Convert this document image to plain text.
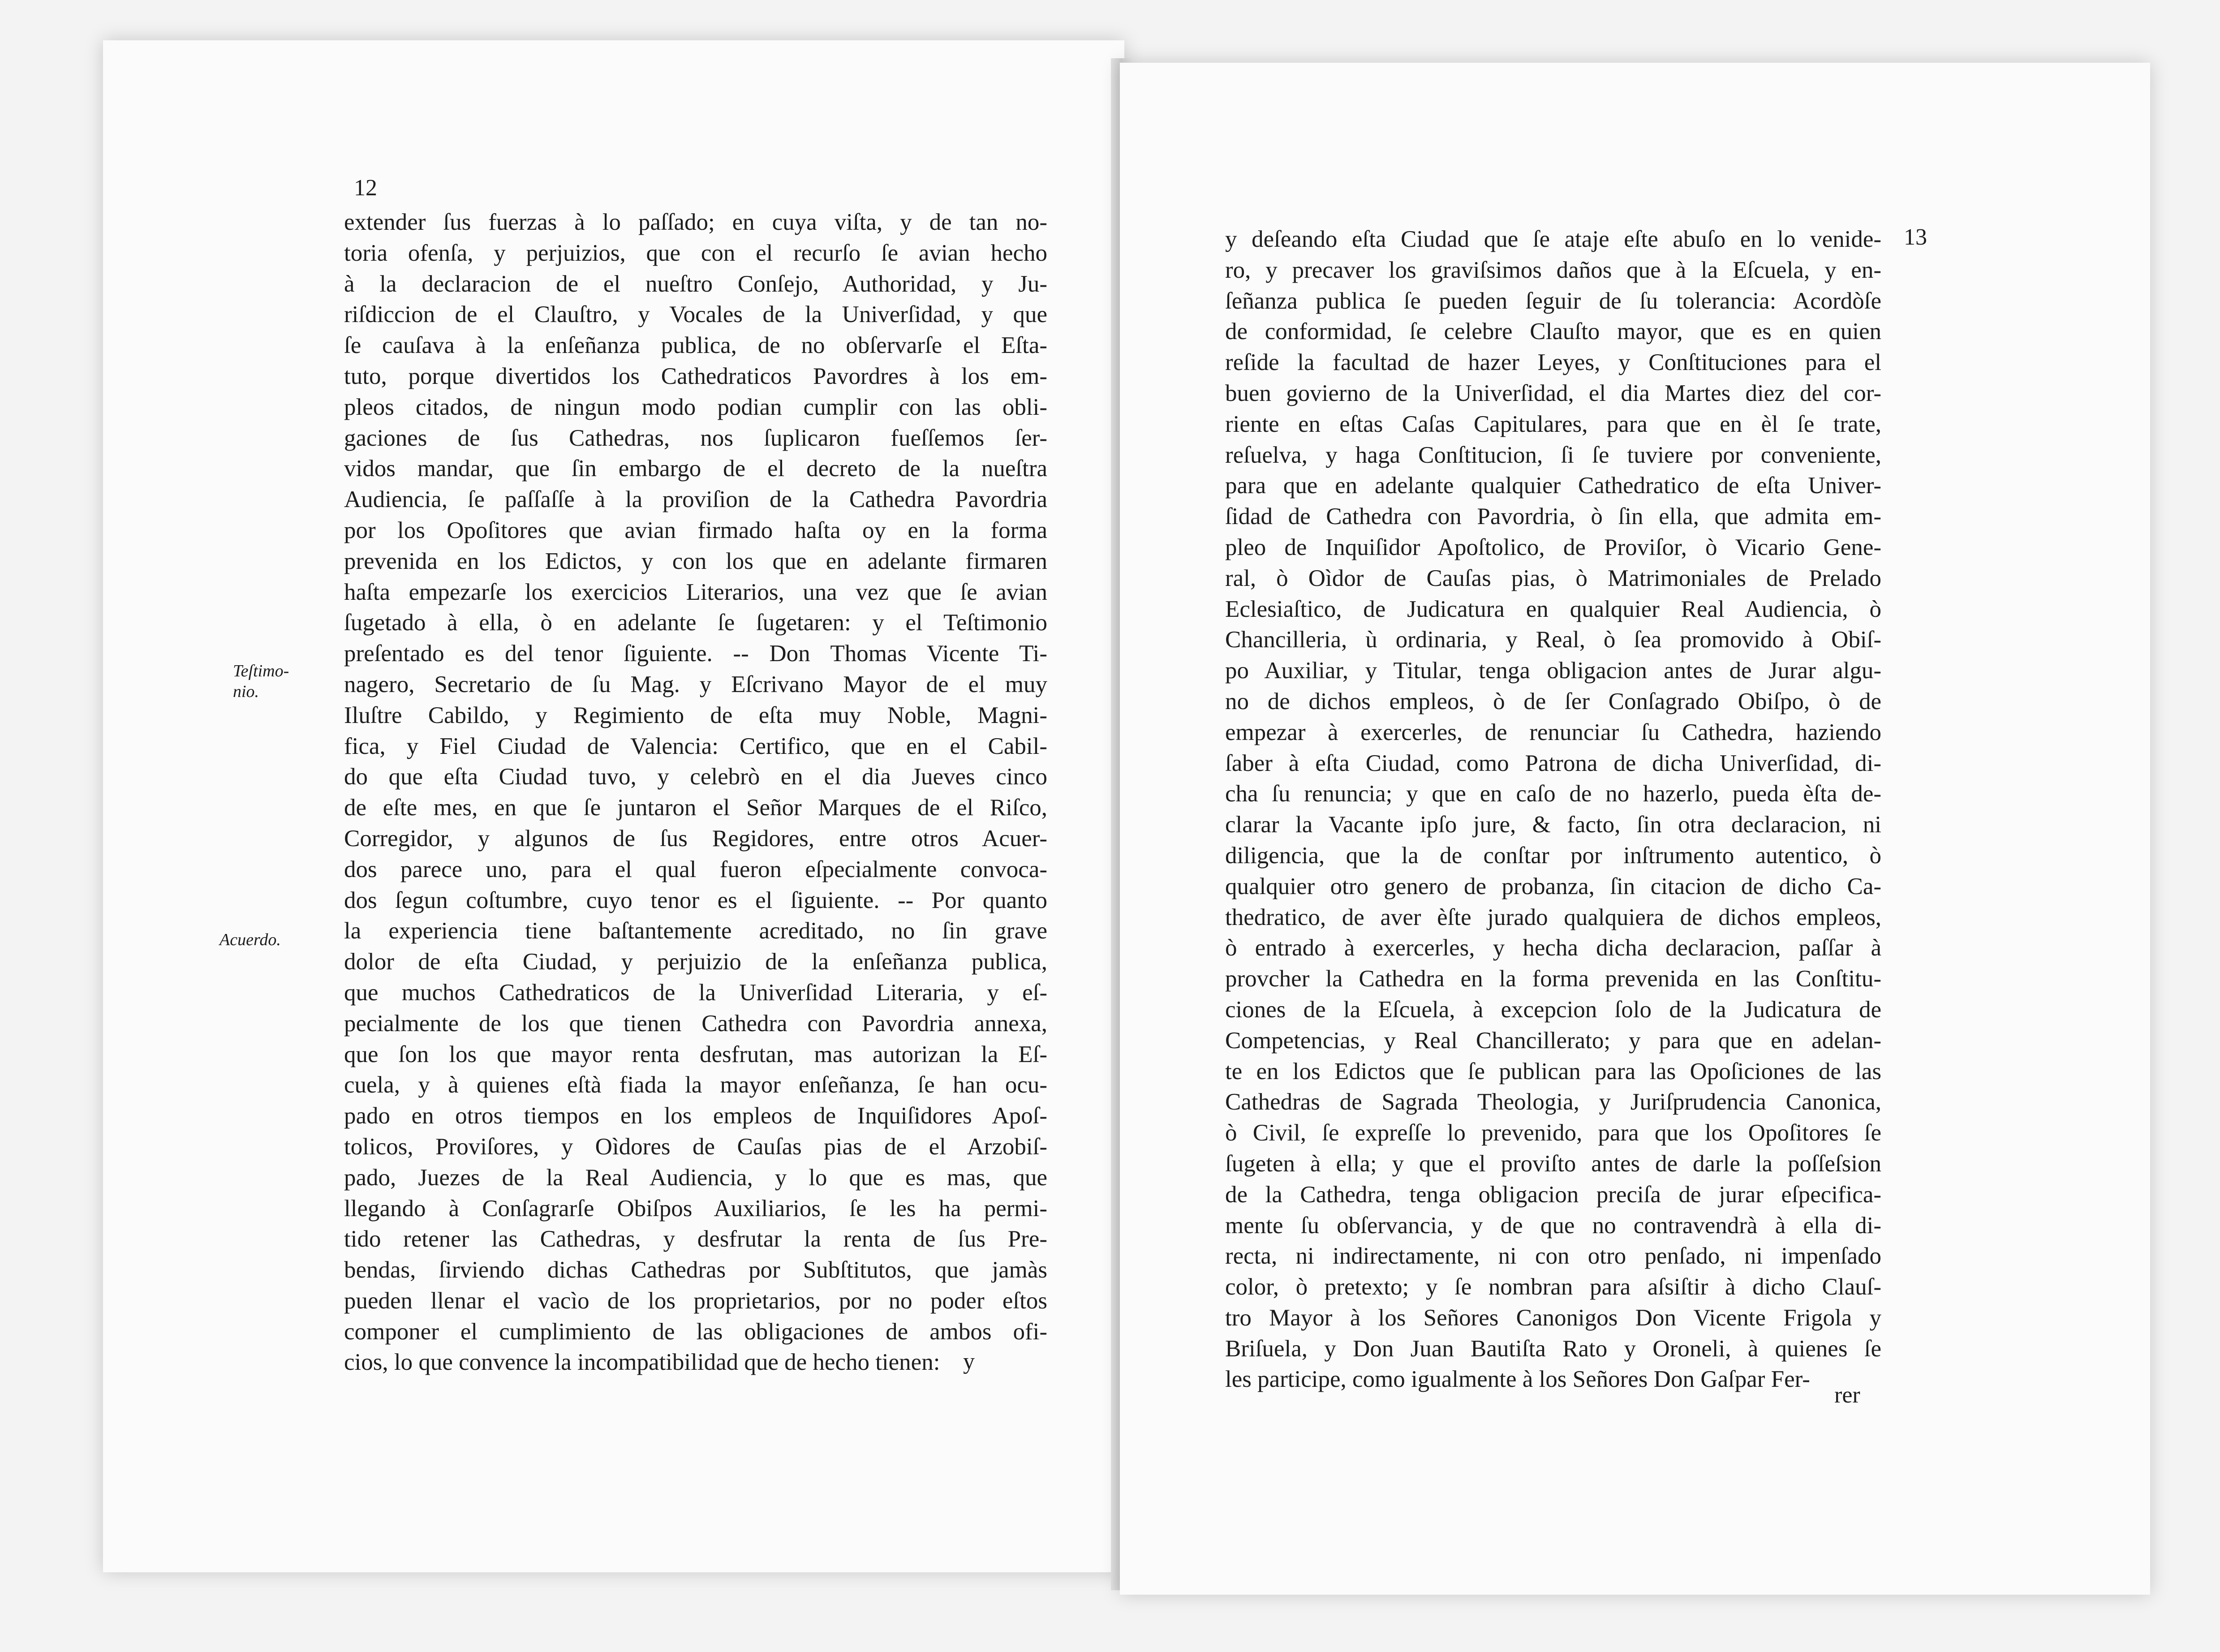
12
extender ſus fuerzas à lo paſſado; en cuya viſta, y de tan no-
toria ofenſa, y perjuizios, que con el recurſo ſe avian hecho
à la declaracion de el nueſtro Conſejo, Authoridad, y Ju-
riſdiccion de el Clauſtro, y Vocales de la Univerſidad, y que
ſe cauſava à la enſeñanza publica, de no obſervarſe el Eſta-
tuto, porque divertidos los Cathedraticos Pavordres à los em-
pleos citados, de ningun modo podian cumplir con las obli-
gaciones de ſus Cathedras, nos ſuplicaron fueſſemos ſer-
vidos mandar, que ſin embargo de el decreto de la nueſtra
Audiencia, ſe paſſaſſe à la proviſion de la Cathedra Pavordria
por los Opoſitores que avian firmado haſta oy en la forma
prevenida en los Edictos, y con los que en adelante firmaren
haſta empezarſe los exercicios Literarios, una vez que ſe avian
ſugetado à ella, ò en adelante ſe ſugetaren: y el Teſtimonio
preſentado es del tenor ſiguiente. -- Don Thomas Vicente Ti-
nagero, Secretario de ſu Mag. y Eſcrivano Mayor de el muy
Iluſtre Cabildo, y Regimiento de eſta muy Noble, Magni-
fica, y Fiel Ciudad de Valencia: Certifico, que en el Cabil-
do que eſta Ciudad tuvo, y celebrò en el dia Jueves cinco
de eſte mes, en que ſe juntaron el Señor Marques de el Riſco,
Corregidor, y algunos de ſus Regidores, entre otros Acuer-
dos parece uno, para el qual fueron eſpecialmente convoca-
dos ſegun coſtumbre, cuyo tenor es el ſiguiente. -- Por quanto
la experiencia tiene baſtantemente acreditado, no ſin grave
dolor de eſta Ciudad, y perjuizio de la enſeñanza publica,
que muchos Cathedraticos de la Univerſidad Literaria, y eſ-
pecialmente de los que tienen Cathedra con Pavordria annexa,
que ſon los que mayor renta desfrutan, mas autorizan la Eſ-
cuela, y à quienes eſtà fiada la mayor enſeñanza, ſe han ocu-
pado en otros tiempos en los empleos de Inquiſidores Apoſ-
tolicos, Proviſores, y Oìdores de Cauſas pias de el Arzobiſ-
pado, Juezes de la Real Audiencia, y lo que es mas, que
llegando à Conſagrarſe Obiſpos Auxiliarios, ſe les ha permi-
tido retener las Cathedras, y desfrutar la renta de ſus Pre-
bendas, ſirviendo dichas Cathedras por Subſtitutos, que jamàs
pueden llenar el vacìo de los proprietarios, por no poder eſtos
componer el cumplimiento de las obligaciones de ambos ofi-
cios, lo que convence la incompatibilidad que de hecho tienen:
Teſtimo-
nio.
Acuerdo.
y
13
y deſeando eſta Ciudad que ſe ataje eſte abuſo en lo venide-
ro, y precaver los graviſsimos daños que à la Eſcuela, y en-
ſeñanza publica ſe pueden ſeguir de ſu tolerancia: Acordòſe
de conformidad, ſe celebre Clauſto mayor, que es en quien
reſide la facultad de hazer Leyes, y Conſtituciones para el
buen govierno de la Univerſidad, el dia Martes diez del cor-
riente en eſtas Caſas Capitulares, para que en èl ſe trate,
reſuelva, y haga Conſtitucion, ſi ſe tuviere por conveniente,
para que en adelante qualquier Cathedratico de eſta Univer-
ſidad de Cathedra con Pavordria, ò ſin ella, que admita em-
pleo de Inquiſidor Apoſtolico, de Proviſor, ò Vicario Gene-
ral, ò Oìdor de Cauſas pias, ò Matrimoniales de Prelado
Eclesiaſtico, de Judicatura en qualquier Real Audiencia, ò
Chancilleria, ù ordinaria, y Real, ò ſea promovido à Obiſ-
po Auxiliar, y Titular, tenga obligacion antes de Jurar algu-
no de dichos empleos, ò de ſer Conſagrado Obiſpo, ò de
empezar à exercerles, de renunciar ſu Cathedra, haziendo
ſaber à eſta Ciudad, como Patrona de dicha Univerſidad, di-
cha ſu renuncia; y que en caſo de no hazerlo, pueda èſta de-
clarar la Vacante ipſo jure, & facto, ſin otra declaracion, ni
diligencia, que la de conſtar por inſtrumento autentico, ò
qualquier otro genero de probanza, ſin citacion de dicho Ca-
thedratico, de aver èſte jurado qualquiera de dichos empleos,
ò entrado à exercerles, y hecha dicha declaracion, paſſar à
provcher la Cathedra en la forma prevenida en las Conſtitu-
ciones de la Eſcuela, à excepcion ſolo de la Judicatura de
Competencias, y Real Chancillerato; y para que en adelan-
te en los Edictos que ſe publican para las Opoſiciones de las
Cathedras de Sagrada Theologia, y Juriſprudencia Canonica,
ò Civil, ſe expreſſe lo prevenido, para que los Opoſitores ſe
ſugeten à ella; y que el proviſto antes de darle la poſſeſsion
de la Cathedra, tenga obligacion preciſa de jurar eſpecifica-
mente ſu obſervancia, y de que no contravendrà à ella di-
recta, ni indirectamente, ni con otro penſado, ni impenſado
color, ò pretexto; y ſe nombran para aſsiſtir à dicho Clauſ-
tro Mayor à los Señores Canonigos Don Vicente Frigola y
Briſuela, y Don Juan Bautiſta Rato y Oroneli, à quienes ſe
les participe, como igualmente à los Señores Don Gaſpar Fer-
rer
